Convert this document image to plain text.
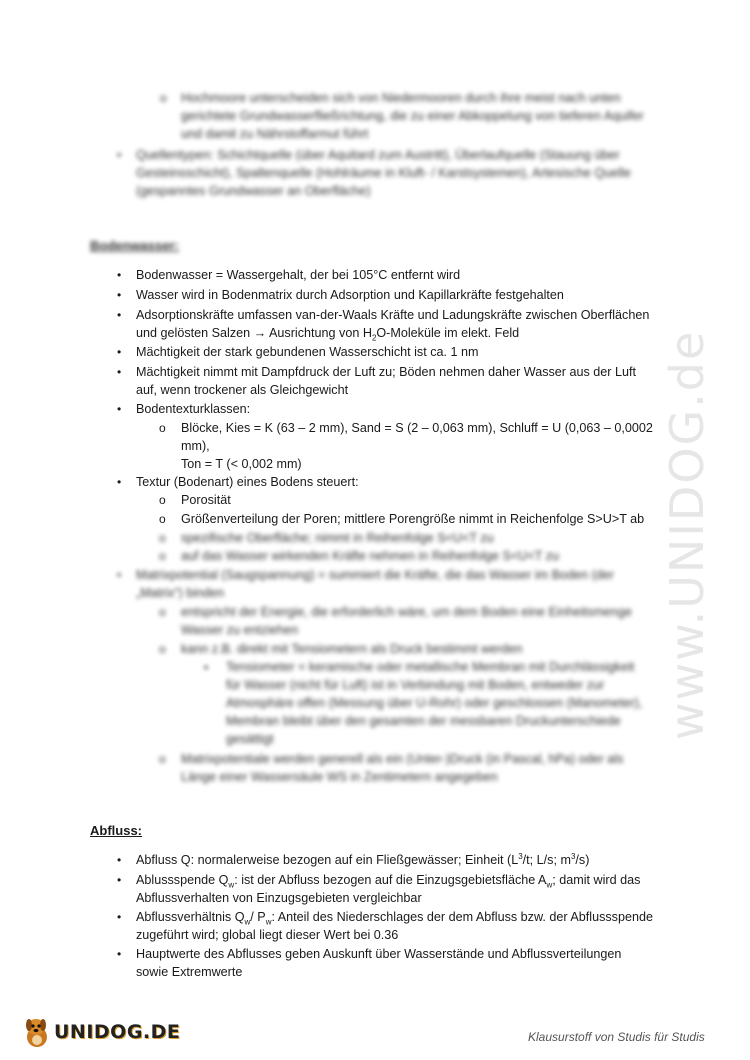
www.UNIDOG.de
o Hochmoore unterscheiden sich von Niedermooren durch ihre meist nach unten
gerichtete Grundwasserfließrichtung, die zu einer Abkoppelung von tieferen Aquifer
und damit zu Nährstoffarmut führt
• Quellentypen: Schichtquelle (über Aquitard zum Austritt), Überlaufquelle (Stauung über
Gesteinsschicht), Spaltenquelle (Hohlräume in Kluft- / Karstsystemen), Artesische Quelle
(gespanntes Grundwasser an Oberfläche)
Bodenwasser:
• Bodenwasser = Wassergehalt, der bei 105°C entfernt wird
• Wasser wird in Bodenmatrix durch Adsorption und Kapillarkräfte festgehalten
• Adsorptionskräfte umfassen van-der-Waals Kräfte und Ladungskräfte zwischen Oberflächen
und gelösten Salzen → Ausrichtung von $H_2O$-Moleküle im elekt. Feld
• Mächtigkeit der stark gebundenen Wasserschicht ist ca. 1 nm
• Mächtigkeit nimmt mit Dampfdruck der Luft zu; Böden nehmen daher Wasser aus der Luft
auf, wenn trockener als Gleichgewicht
• Bodentexturklassen:
o Blöcke, Kies = K (63 – 2 mm), Sand = S (2 – 0,063 mm), Schluff = U (0,063 – 0,0002
mm),
Ton = T (< 0,002 mm)
• Textur (Bodenart) eines Bodens steuert:
o Porosität
o Größenverteilung der Poren; mittlere Porengröße nimmt in Reichenfolge S>U>T ab
o spezifische Oberfläche; nimmt in Reihenfolge S<U<T zu
o auf das Wasser wirkenden Kräfte nehmen in Reihenfolge S<U<T zu
• Matrixpotential (Saugspannung) = summiert die Kräfte, die das Wasser im Boden (der
„Matrix“) binden
o entspricht der Energie, die erforderlich wäre, um dem Boden eine Einheitsmenge
Wasser zu entziehen
o kann z.B. direkt mit Tensiometern als Druck bestimmt werden
▪ Tensiometer = keramische oder metallische Membran mit Durchlässigkeit
für Wasser (nicht für Luft) ist in Verbindung mit Boden, entweder zur
Atmosphäre offen (Messung über U-Rohr) oder geschlossen (Manometer),
Membran bleibt über den gesamten der messbaren Druckunterschiede
gesättigt
o Matrixpotentiale werden generell als ein (Unter-)Druck (in Pascal, hPa) oder als
Länge einer Wassersäule WS in Zentimetern angegeben
Abfluss:
• Abfluss Q: normalerweise bezogen auf ein Fließgewässer; Einheit ($L^3/t$; L/s; $m^3/s$)
• Ablussspende $Q_w$: ist der Abfluss bezogen auf die Einzugsgebietsfläche $A_w$; damit wird das
Abflussverhalten von Einzugsgebieten vergleichbar
• Abflussverhältnis $Q_w/$ $P_w$: Anteil des Niederschlages der dem Abfluss bzw. der Abflussspende
zugeführt wird; global liegt dieser Wert bei 0.36
• Hauptwerte des Abflusses geben Auskunft über Wasserstände und Abflussverteilungen
sowie Extremwerte
UNIDOG.DE	Klausurstoff von Studis für Studis
